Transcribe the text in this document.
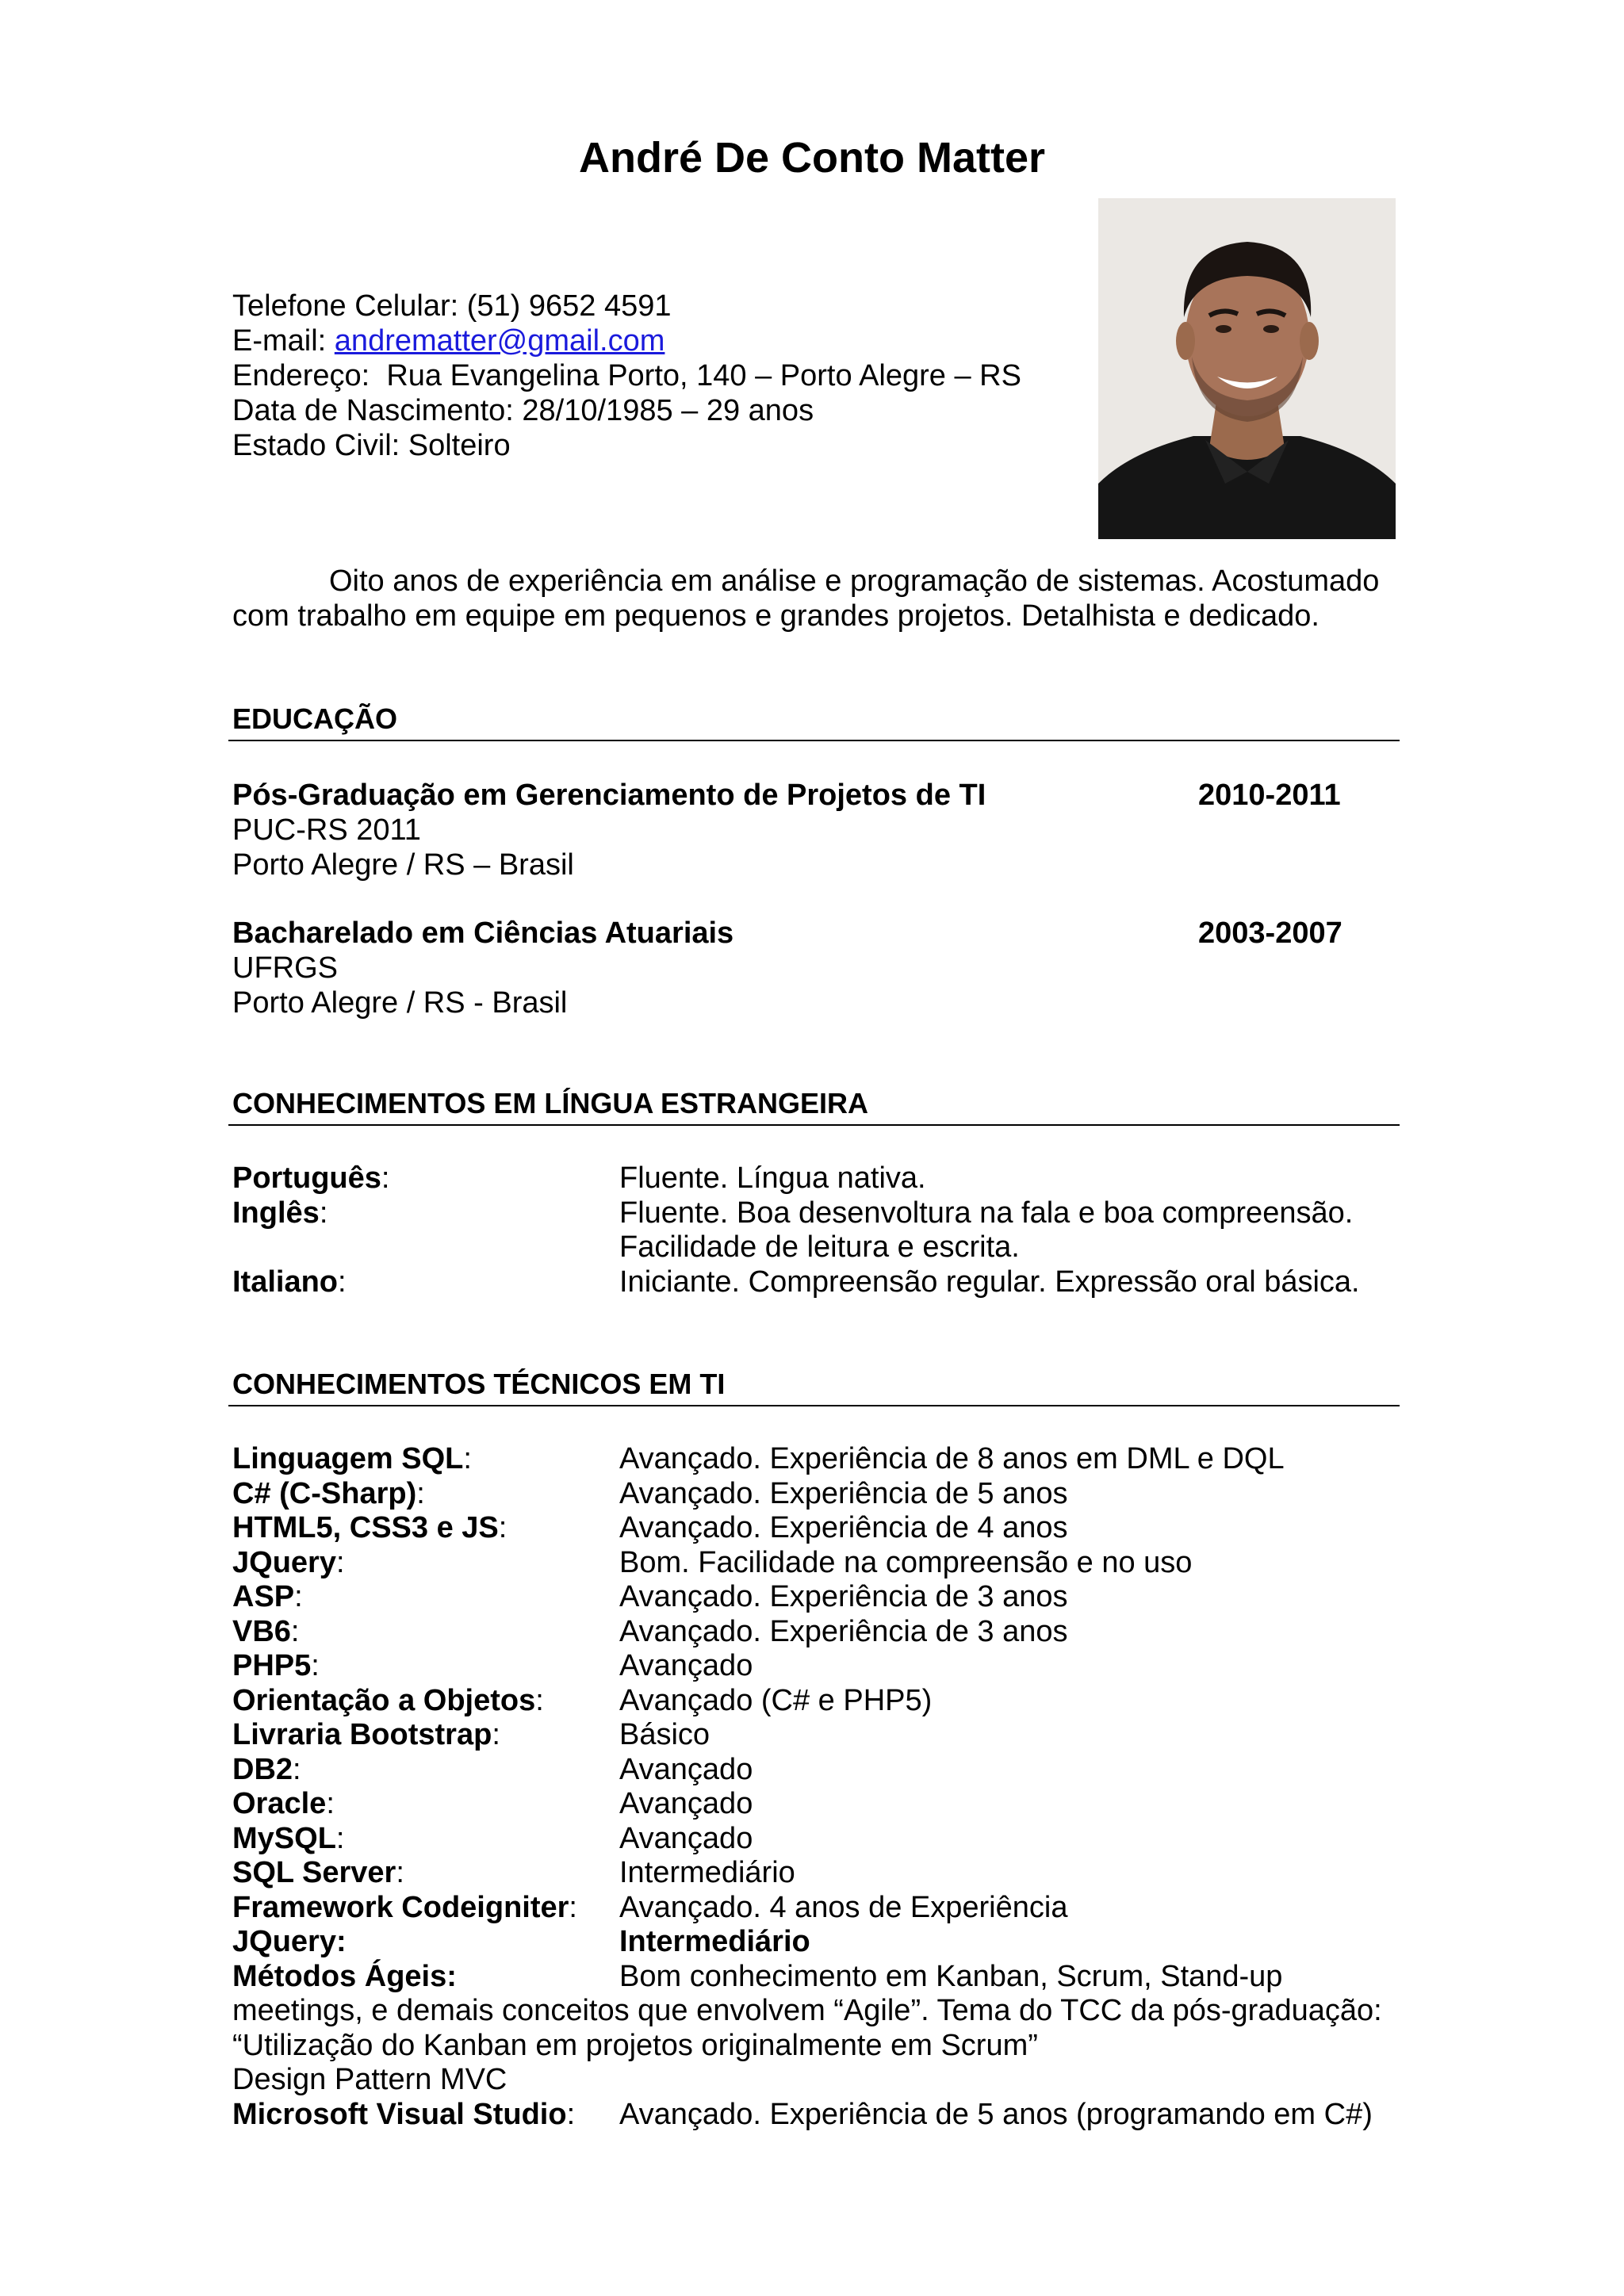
André De Conto Matter
Telefone Celular: (51) 9652 4591
E-mail: andrematter@gmail.com
Endereço:  Rua Evangelina Porto, 140 – Porto Alegre – RS
Data de Nascimento: 28/10/1985 – 29 anos
Estado Civil: Solteiro
Oito anos de experiência em análise e programação de sistemas. Acostumado
com trabalho em equipe em pequenos e grandes projetos. Detalhista e dedicado.
EDUCAÇÃO
Pós-Graduação em Gerenciamento de Projetos de TI	2010-2011
PUC-RS 2011
Porto Alegre / RS – Brasil
Bacharelado em Ciências Atuariais	2003-2007
UFRGS
Porto Alegre / RS - Brasil
CONHECIMENTOS EM LÍNGUA ESTRANGEIRA
Português:	Fluente. Língua nativa.
Inglês:	Fluente. Boa desenvoltura na fala e boa compreensão.
Facilidade de leitura e escrita.
Italiano:	Iniciante. Compreensão regular. Expressão oral básica.
CONHECIMENTOS TÉCNICOS EM TI
Linguagem SQL:	Avançado. Experiência de 8 anos em DML e DQL
C# (C-Sharp):	Avançado. Experiência de 5 anos
HTML5, CSS3 e JS:	Avançado. Experiência de 4 anos
JQuery:	Bom. Facilidade na compreensão e no uso
ASP:	Avançado. Experiência de 3 anos
VB6:	Avançado. Experiência de 3 anos
PHP5:	Avançado
Orientação a Objetos:	Avançado (C# e PHP5)
Livraria Bootstrap:	Básico
DB2:	Avançado
Oracle:	Avançado
MySQL:	Avançado
SQL Server:	Intermediário
Framework Codeigniter: Avançado. 4 anos de Experiência
JQuery:	Intermediário
Métodos Ágeis:	Bom conhecimento em Kanban, Scrum, Stand-up
meetings, e demais conceitos que envolvem “Agile”. Tema do TCC da pós-graduação:
“Utilização do Kanban em projetos originalmente em Scrum”
Design Pattern MVC
Microsoft Visual Studio: Avançado. Experiência de 5 anos (programando em C#)
